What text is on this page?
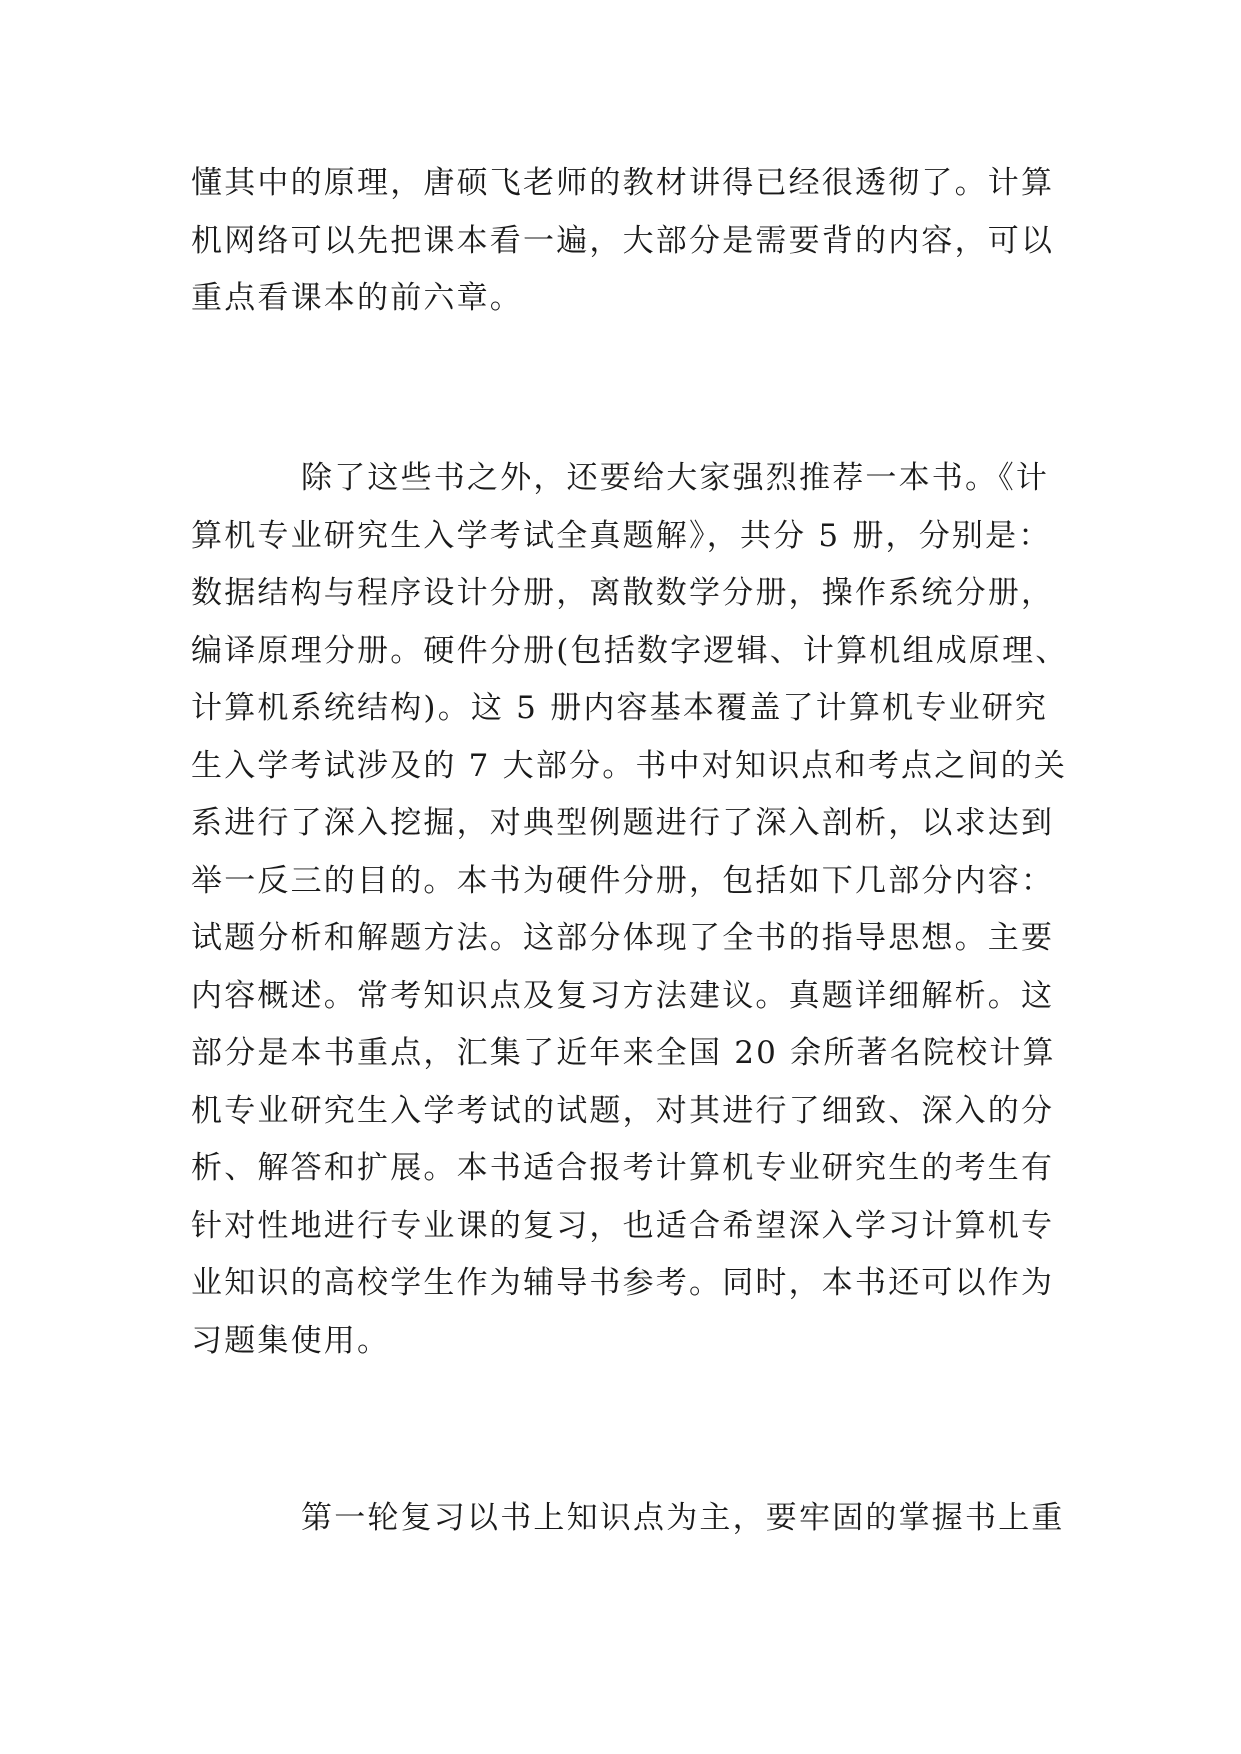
懂其中的原理，唐硕飞老师的教材讲得已经很透彻了。计算
机网络可以先把课本看一遍，大部分是需要背的内容，可以
重点看课本的前六章。
除了这些书之外，还要给大家强烈推荐一本书。《计
算机专业研究生入学考试全真题解》，共分 5 册，分别是：
数据结构与程序设计分册，离散数学分册，操作系统分册，
编译原理分册。硬件分册(包括数字逻辑、计算机组成原理、
计算机系统结构)。这 5 册内容基本覆盖了计算机专业研究
生入学考试涉及的 7 大部分。书中对知识点和考点之间的关
系进行了深入挖掘，对典型例题进行了深入剖析，以求达到
举一反三的目的。本书为硬件分册，包括如下几部分内容：
试题分析和解题方法。这部分体现了全书的指导思想。主要
内容概述。常考知识点及复习方法建议。真题详细解析。这
部分是本书重点，汇集了近年来全国 20 余所著名院校计算
机专业研究生入学考试的试题，对其进行了细致、深入的分
析、解答和扩展。本书适合报考计算机专业研究生的考生有
针对性地进行专业课的复习，也适合希望深入学习计算机专
业知识的高校学生作为辅导书参考。同时，本书还可以作为
习题集使用。
第一轮复习以书上知识点为主，要牢固的掌握书上重
